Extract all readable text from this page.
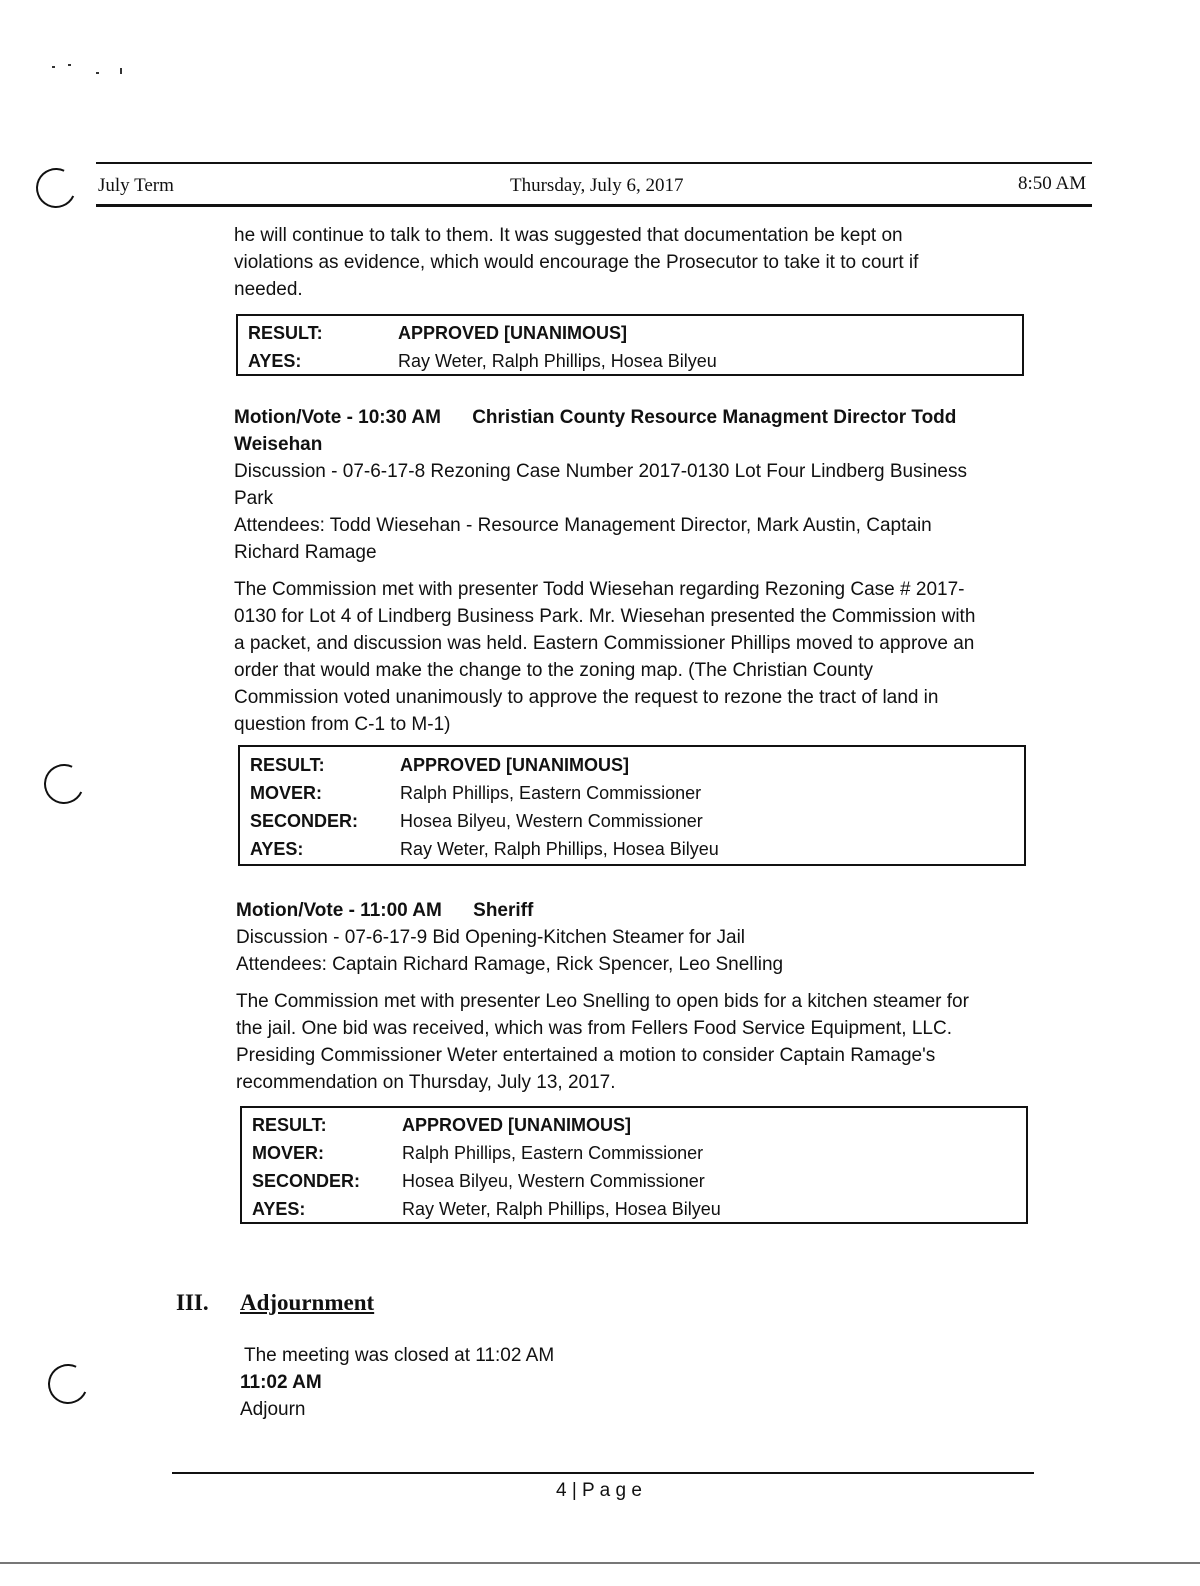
July Term	Thursday, July 6, 2017	8:50 AM
he will continue to talk to them. It was suggested that documentation be kept on
violations as evidence, which would encourage the Prosecutor to take it to court if
needed.
RESULT:	APPROVED [UNANIMOUS]
AYES:	Ray Weter, Ralph Phillips, Hosea Bilyeu
Motion/Vote - 10:30 AM Christian County Resource Managment Director Todd
Weisehan
Discussion - 07-6-17-8 Rezoning Case Number 2017-0130 Lot Four Lindberg Business
Park
Attendees: Todd Wiesehan - Resource Management Director, Mark Austin, Captain
Richard Ramage
The Commission met with presenter Todd Wiesehan regarding Rezoning Case # 2017-
0130 for Lot 4 of Lindberg Business Park. Mr. Wiesehan presented the Commission with
a packet, and discussion was held. Eastern Commissioner Phillips moved to approve an
order that would make the change to the zoning map. (The Christian County
Commission voted unanimously to approve the request to rezone the tract of land in
question from C-1 to M-1)
RESULT:	APPROVED [UNANIMOUS]
MOVER:	Ralph Phillips, Eastern Commissioner
SECONDER: Hosea Bilyeu, Western Commissioner
AYES:	Ray Weter, Ralph Phillips, Hosea Bilyeu
Motion/Vote - 11:00 AM Sheriff
Discussion - 07-6-17-9 Bid Opening-Kitchen Steamer for Jail
Attendees: Captain Richard Ramage, Rick Spencer, Leo Snelling
The Commission met with presenter Leo Snelling to open bids for a kitchen steamer for
the jail. One bid was received, which was from Fellers Food Service Equipment, LLC.
Presiding Commissioner Weter entertained a motion to consider Captain Ramage's
recommendation on Thursday, July 13, 2017.
RESULT:	APPROVED [UNANIMOUS]
MOVER:	Ralph Phillips, Eastern Commissioner
SECONDER: Hosea Bilyeu, Western Commissioner
AYES:	Ray Weter, Ralph Phillips, Hosea Bilyeu
III. Adjournment
The meeting was closed at 11:02 AM
11:02 AM
Adjourn
4 | P a g e
